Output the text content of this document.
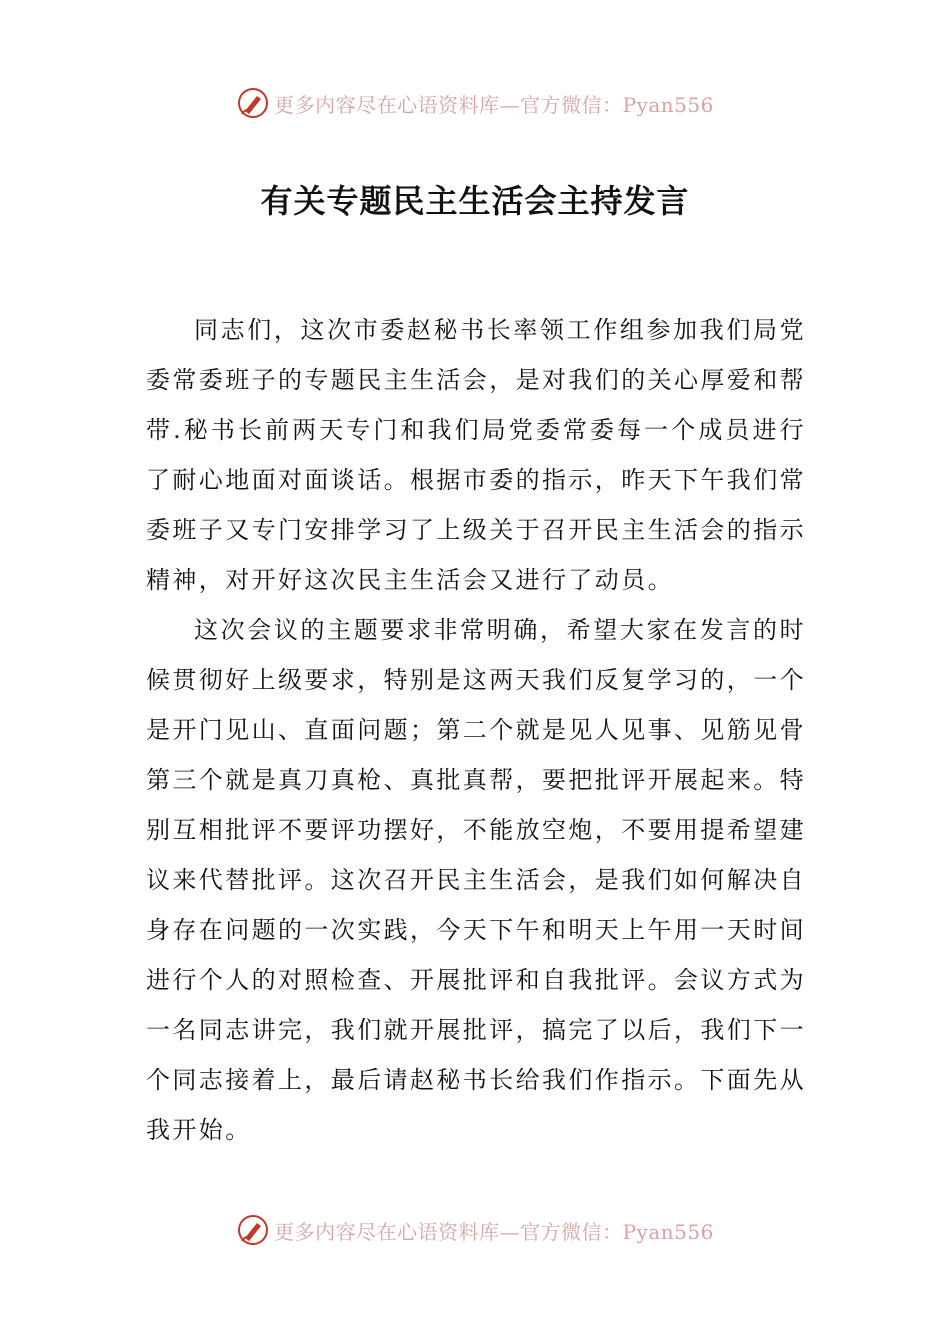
更多内容尽在心语资料库—官方微信：Pyan556
有关专题民主生活会主持发言

同志们，这次市委赵秘书长率领工作组参加我们局党委常委班子的专题民主生活会，是对我们的关心厚爱和帮带.秘书长前两天专门和我们局党委常委每一个成员进行了耐心地面对面谈话。根据市委的指示，昨天下午我们常委班子又专门安排学习了上级关于召开民主生活会的指示精神，对开好这次民主生活会又进行了动员。

这次会议的主题要求非常明确，希望大家在发言的时候贯彻好上级要求，特别是这两天我们反复学习的，一个是开门见山、直面问题；第二个就是见人见事、见筋见骨第三个就是真刀真枪、真批真帮，要把批评开展起来。特别互相批评不要评功摆好，不能放空炮，不要用提希望建议来代替批评。这次召开民主生活会，是我们如何解决自身存在问题的一次实践，今天下午和明天上午用一天时间进行个人的对照检查、开展批评和自我批评。会议方式为一名同志讲完，我们就开展批评，搞完了以后，我们下一个同志接着上，最后请赵秘书长给我们作指示。下面先从我开始。

更多内容尽在心语资料库—官方微信：Pyan556
